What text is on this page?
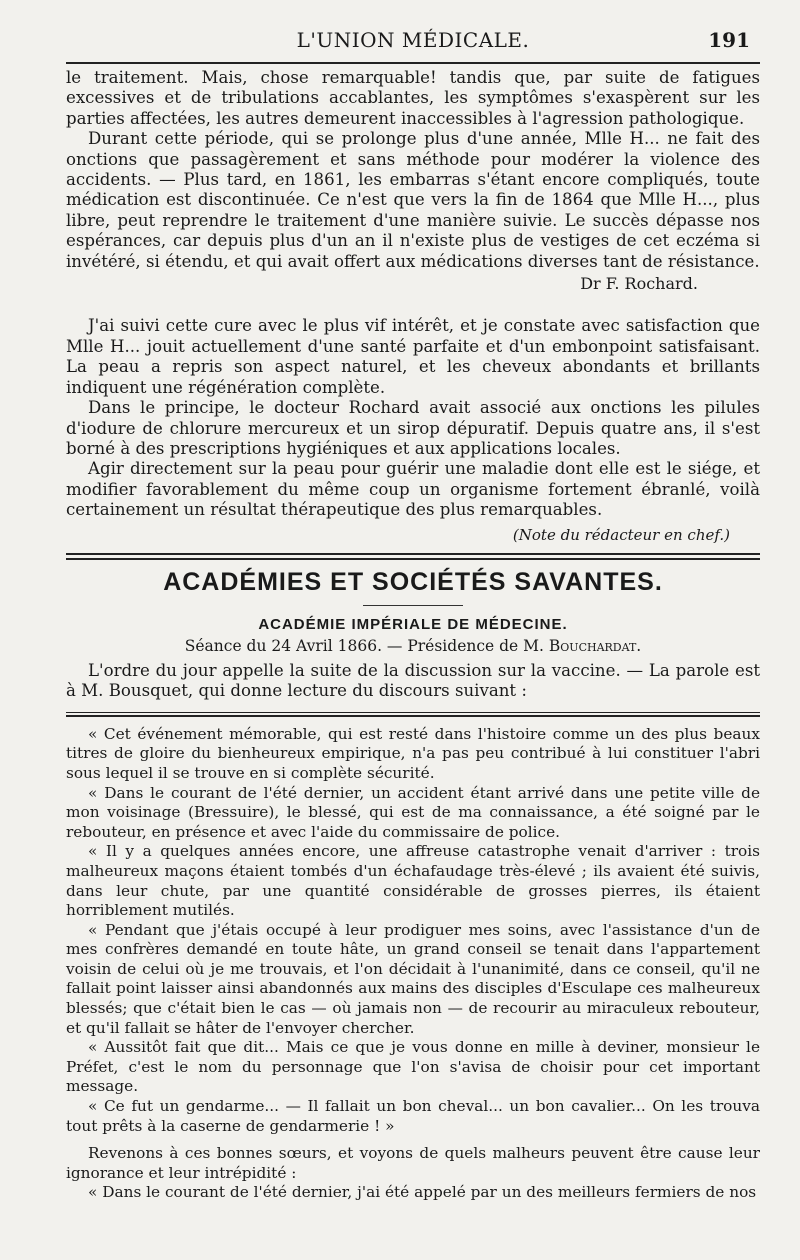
L'UNION MÉDICALE.	191

le traitement. Mais, chose remarquable! tandis que, par suite de fatigues excessives et de tribulations accablantes, les symptômes s'exaspèrent sur les parties affectées, les autres demeurent inaccessibles à l'agression pathologique.

Durant cette période, qui se prolonge plus d'une année, Mlle H... ne fait des onctions que passagèrement et sans méthode pour modérer la violence des accidents. — Plus tard, en 1861, les embarras s'étant encore compliqués, toute médication est discontinuée. Ce n'est que vers la fin de 1864 que Mlle H..., plus libre, peut reprendre le traitement d'une manière suivie. Le succès dépasse nos espérances, car depuis plus d'un an il n'existe plus de vestiges de cet eczéma si invétéré, si étendu, et qui avait offert aux médications diverses tant de résistance.

Dr F. Rochard.

J'ai suivi cette cure avec le plus vif intérêt, et je constate avec satisfaction que Mlle H... jouit actuellement d'une santé parfaite et d'un embonpoint satisfaisant. La peau a repris son aspect naturel, et les cheveux abondants et brillants indiquent une régénération complète.

Dans le principe, le docteur Rochard avait associé aux onctions les pilules d'iodure de chlorure mercureux et un sirop dépuratif. Depuis quatre ans, il s'est borné à des prescriptions hygiéniques et aux applications locales.

Agir directement sur la peau pour guérir une maladie dont elle est le siége, et modifier favorablement du même coup un organisme fortement ébranlé, voilà certainement un résultat thérapeutique des plus remarquables.

(Note du rédacteur en chef.)

ACADÉMIES ET SOCIÉTÉS SAVANTES.
ACADÉMIE IMPÉRIALE DE MÉDECINE.
Séance du 24 Avril 1866. — Présidence de M. Bouchardat.

L'ordre du jour appelle la suite de la discussion sur la vaccine. — La parole est à M. Bousquet, qui donne lecture du discours suivant :

« Cet événement mémorable, qui est resté dans l'histoire comme un des plus beaux titres de gloire du bienheureux empirique, n'a pas peu contribué à lui constituer l'abri sous lequel il se trouve en si complète sécurité.

« Dans le courant de l'été dernier, un accident étant arrivé dans une petite ville de mon voisinage (Bressuire), le blessé, qui est de ma connaissance, a été soigné par le rebouteur, en présence et avec l'aide du commissaire de police.

« Il y a quelques années encore, une affreuse catastrophe venait d'arriver : trois malheureux maçons étaient tombés d'un échafaudage très-élevé ; ils avaient été suivis, dans leur chute, par une quantité considérable de grosses pierres, ils étaient horriblement mutilés.

« Pendant que j'étais occupé à leur prodiguer mes soins, avec l'assistance d'un de mes confrères demandé en toute hâte, un grand conseil se tenait dans l'appartement voisin de celui où je me trouvais, et l'on décidait à l'unanimité, dans ce conseil, qu'il ne fallait point laisser ainsi abandonnés aux mains des disciples d'Esculape ces malheureux blessés; que c'était bien le cas — où jamais non — de recourir au miraculeux rebouteur, et qu'il fallait se hâter de l'envoyer chercher.

« Aussitôt fait que dit... Mais ce que je vous donne en mille à deviner, monsieur le Préfet, c'est le nom du personnage que l'on s'avisa de choisir pour cet important message.

« Ce fut un gendarme... — Il fallait un bon cheval... un bon cavalier... On les trouva tout prêts à la caserne de gendarmerie ! »

Revenons à ces bonnes sœurs, et voyons de quels malheurs peuvent être cause leur ignorance et leur intrépidité :

« Dans le courant de l'été dernier, j'ai été appelé par un des meilleurs fermiers de nos
